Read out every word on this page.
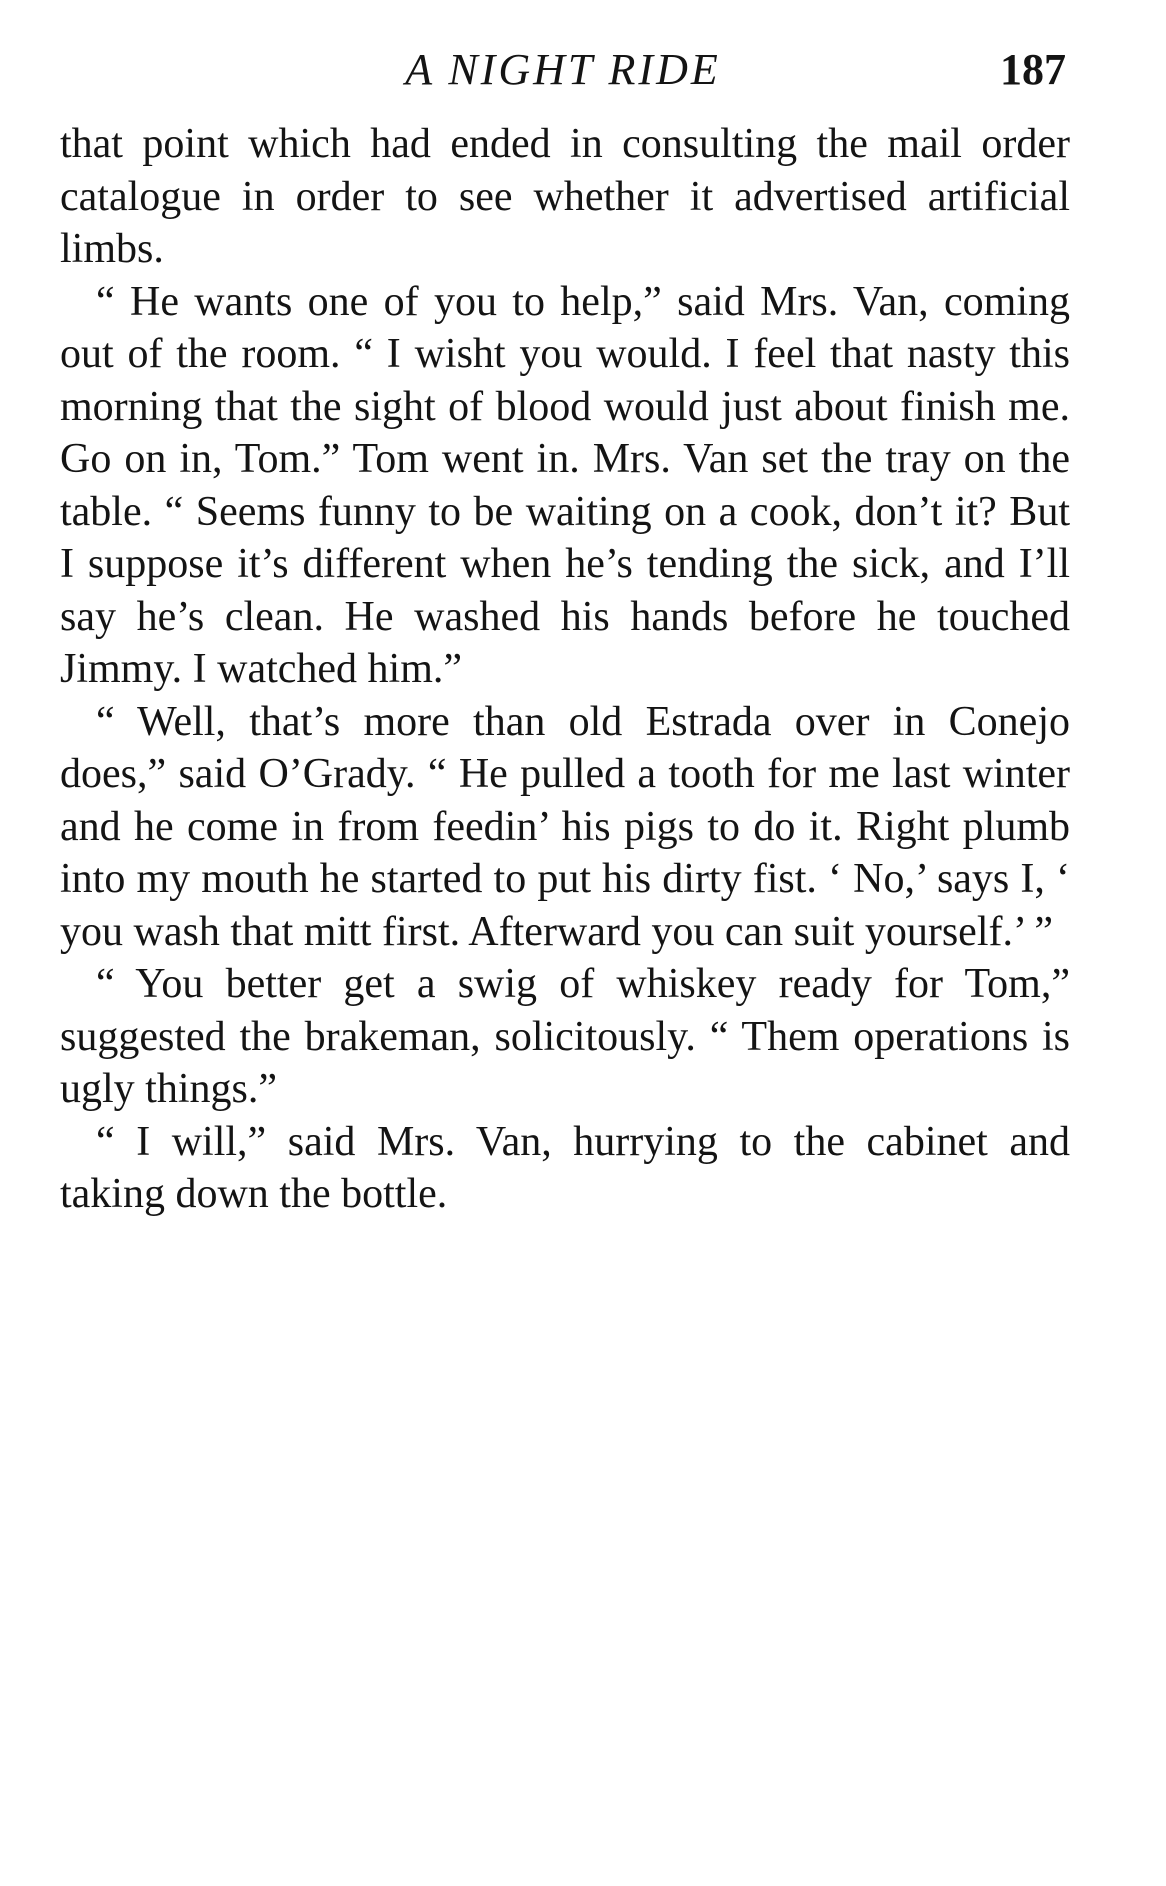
A NIGHT RIDE	187

that point which had ended in consulting the mail order catalogue in order to see whether it advertised artificial limbs.

“ He wants one of you to help,” said Mrs. Van, coming out of the room. “ I wisht you would. I feel that nasty this morning that the sight of blood would just about finish me. Go on in, Tom.” Tom went in. Mrs. Van set the tray on the table. “ Seems funny to be waiting on a cook, don’t it? But I suppose it’s different when he’s tending the sick, and I’ll say he’s clean. He washed his hands before he touched Jimmy. I watched him.”

“ Well, that’s more than old Estrada over in Conejo does,” said O’Grady. “ He pulled a tooth for me last winter and he come in from feedin’ his pigs to do it. Right plumb into my mouth he started to put his dirty fist. ‘ No,’ says I, ‘ you wash that mitt first. Afterward you can suit yourself.’ ”

“ You better get a swig of whiskey ready for Tom,” suggested the brakeman, solicitously. “ Them operations is ugly things.”

“ I will,” said Mrs. Van, hurrying to the cabinet and taking down the bottle.
